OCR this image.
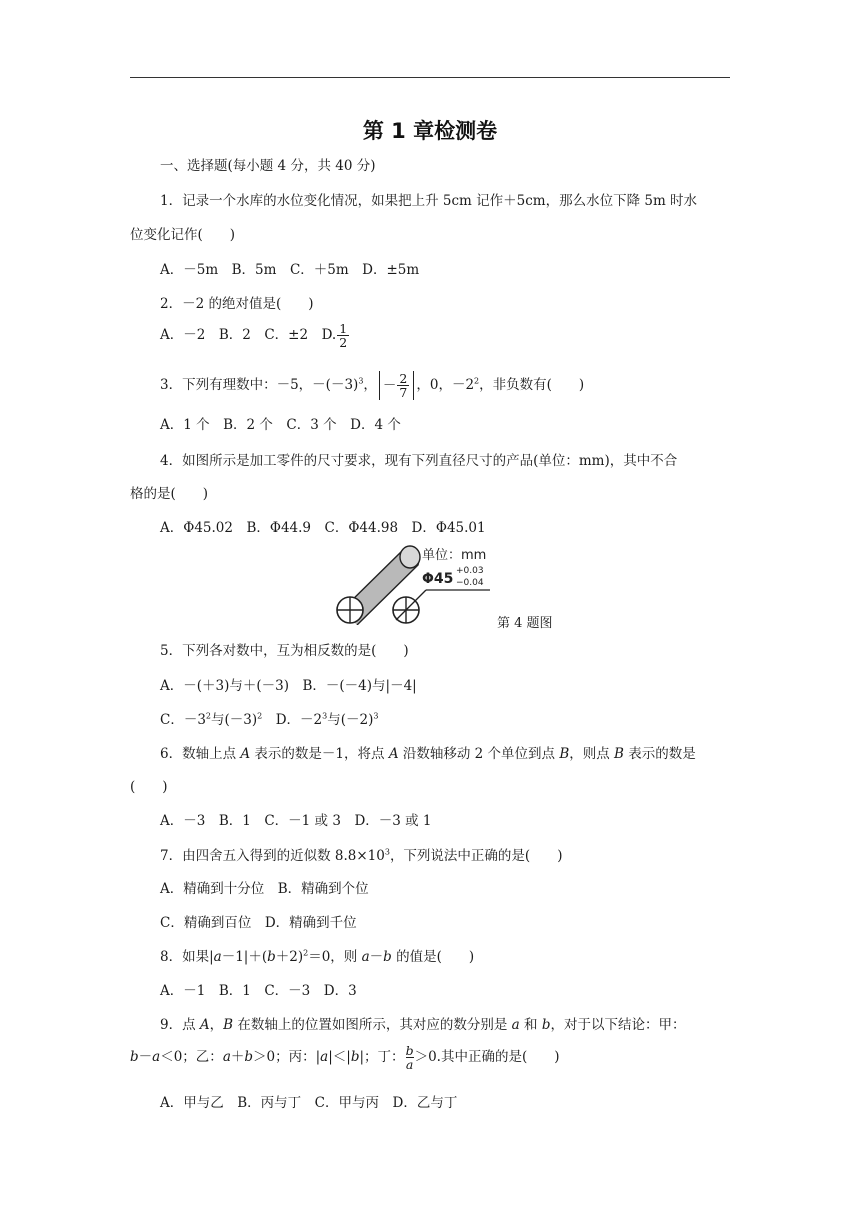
第 1 章检测卷
一、选择题(每小题 4 分，共 40 分)
1．记录一个水库的水位变化情况，如果把上升 5cm 记作＋5cm，那么水位下降 5m 时水
位变化记作(　　)
A．－5m　B．5m　C．＋5m　D．±5m
2．－2 的绝对值是(　　)
A．－2　B．2　C．±2　D. $\frac{1}{2}$
3．下列有理数中：－5，$-(-3)^3$， － $\frac{2}{7}$ ，0，$-2^2$，非负数有(　　)
A．1 个　B．2 个　C．3 个　D．4 个
4．如图所示是加工零件的尺寸要求，现有下列直径尺寸的产品(单位：mm)，其中不合
格的是(　　)
A．Φ45.02　B．Φ44.9　C．Φ44.98　D．Φ45.01
单位：mm
Φ45 +0.03
−0.04
第 4 题图
5．下列各对数中，互为相反数的是(　　)
A．－(＋3)与＋(－3)　B．－(－4)与|－4|
C．$-3^2$与$(-3)^2$　D．$-2^3$与$(-2)^3$
6．数轴上点 A 表示的数是－1，将点 A 沿数轴移动 2 个单位到点 B，则点 B 表示的数是
(　　)
A．－3　B．1　C．－1 或 3　D．－3 或 1
7．由四舍五入得到的近似数 $8.8\times 10^3$，下列说法中正确的是(　　)
A．精确到十分位　B．精确到个位
C．精确到百位　D．精确到千位
8．如果$|a-1|+(b+2)^2=0$，则 a－b 的值是(　　)
A．－1　B．1　C．－3　D．3
9．点 A，B 在数轴上的位置如图所示，其对应的数分别是 a 和 b，对于以下结论：甲：
b－a＜0；乙：a＋b＞0；丙：|a|＜|b|；丁： $\frac{b}{a} >0$.其中正确的是(　　)
A．甲与乙　B．丙与丁　C．甲与丙　D．乙与丁
